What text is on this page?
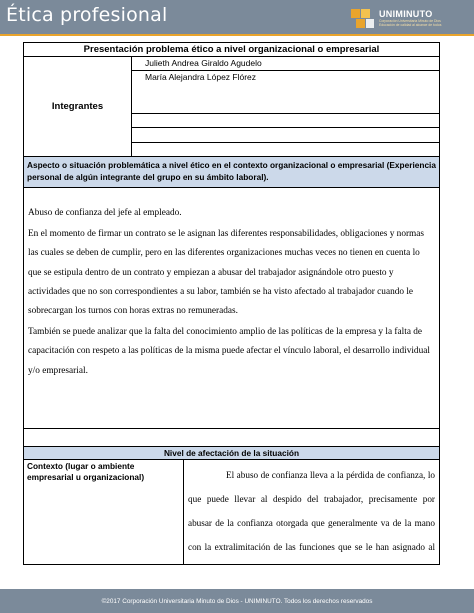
Ética profesional	UNIMINUTO
Corporación Universitaria Minuto de Dios
Educación de calidad al alcance de todos
Presentación problema ético a nivel organizacional o empresarial
Integrantes
Julieth Andrea Giraldo Agudelo
María Alejandra López Flórez
Aspecto o situación problemática a nivel ético en el contexto organizacional o empresarial (Experiencia personal de algún integrante del grupo en su ámbito laboral).

Abuso de confianza del jefe al empleado.

En el momento de firmar un contrato se le asignan las diferentes responsabilidades, obligaciones y normas las cuales se deben de cumplir, pero en las diferentes organizaciones muchas veces no tienen en cuenta lo que se estipula dentro de un contrato y empiezan a abusar del trabajador asignándole otro puesto y actividades que no son correspondientes a su labor, también se ha visto afectado al trabajador cuando le sobrecargan los turnos con horas extras no remuneradas.

También se puede analizar que la falta del conocimiento amplio de las políticas de la empresa y la falta de capacitación con respeto a las políticas de la misma puede afectar el vínculo laboral, el desarrollo individual y/o empresarial.

Nivel de afectación de la situación
Contexto (lugar o ambiente empresarial u organizacional)	El abuso de confianza lleva a la pérdida de confianza, lo que puede llevar al despido del trabajador, precisamente por abusar de la confianza otorgada que generalmente va de la mano con la extralimitación de las funciones que se le han asignado al

©2017 Corporación Universitaria Minuto de Dios - UNIMINUTO. Todos los derechos reservados
